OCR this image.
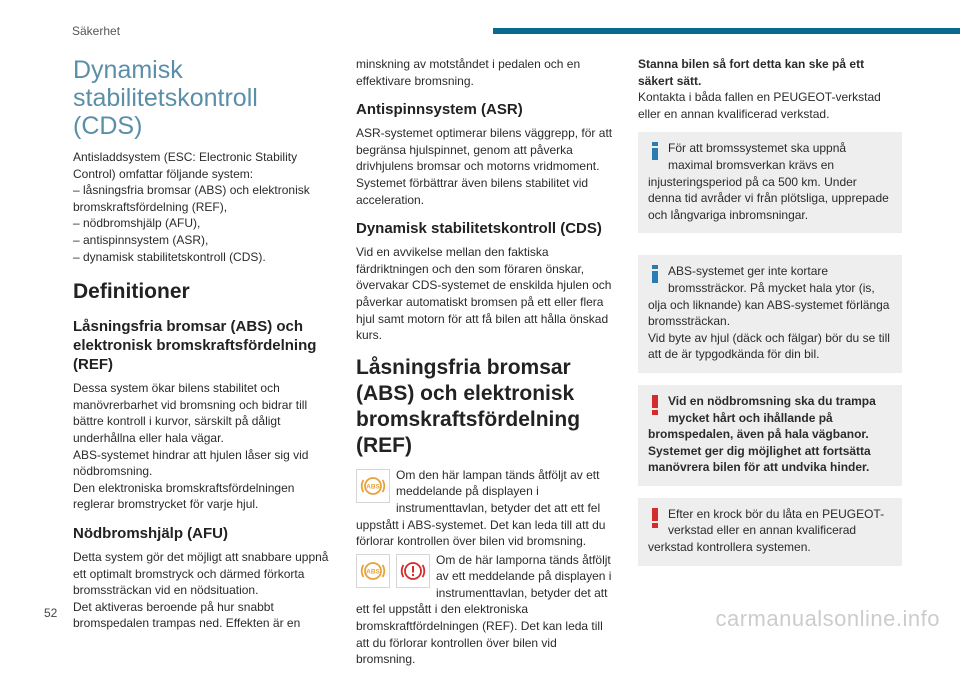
Säkerhet
Dynamisk stabilitetskontroll (CDS)

Antisladdsystem (ESC: Electronic Stability Control) omfattar följande system:
– låsningsfria bromsar (ABS) och elektronisk bromskraftsfördelning (REF),
– nödbromshjälp (AFU),
– antispinnsystem (ASR),
– dynamisk stabilitetskontroll (CDS).

Definitioner
Låsningsfria bromsar (ABS) och elektronisk bromskraftsfördelning (REF)

Dessa system ökar bilens stabilitet och manövrerbarhet vid bromsning och bidrar till bättre kontroll i kurvor, särskilt på dåligt underhållna eller hala vägar.
ABS-systemet hindrar att hjulen låser sig vid nödbromsning.
Den elektroniska bromskraftsfördelningen reglerar bromstrycket för varje hjul.

Nödbromshjälp (AFU)

Detta system gör det möjligt att snabbare uppnå ett optimalt bromstryck och därmed förkorta bromssträckan vid en nödsituation.
Det aktiveras beroende på hur snabbt bromspedalen trampas ned. Effekten är en

minskning av motståndet i pedalen och en effektivare bromsning.

Antispinnsystem (ASR)

ASR-systemet optimerar bilens väggrepp, för att begränsa hjulspinnet, genom att påverka drivhjulens bromsar och motorns vridmoment. Systemet förbättrar även bilens stabilitet vid acceleration.

Dynamisk stabilitetskontroll (CDS)

Vid en avvikelse mellan den faktiska färdriktningen och den som föraren önskar, övervakar CDS-systemet de enskilda hjulen och påverkar automatiskt bromsen på ett eller flera hjul samt motorn för att få bilen att hålla önskad kurs.

Låsningsfria bromsar (ABS) och elektronisk bromskraftsfördelning (REF)
ABS

Om den här lampan tänds åtföljt av ett meddelande på displayen i instrumenttavlan, betyder det att ett fel uppstått i ABS-systemet. Det kan leda till att du förlorar kontrollen över bilen vid bromsning.

ABS

Om de här lamporna tänds åtföljt av ett meddelande på displayen i instrumenttavlan, betyder det att ett fel uppstått i den elektroniska bromskraftfördelningen (REF). Det kan leda till att du förlorar kontrollen över bilen vid bromsning.

Stanna bilen så fort detta kan ske på ett säkert sätt.
Kontakta i båda fallen en PEUGEOT-verkstad eller en annan kvalificerad verkstad.

För att bromssystemet ska uppnå maximal bromsverkan krävs en injusteringsperiod på ca 500 km. Under denna tid avråder vi från plötsliga, upprepade och långvariga inbromsningar.

ABS-systemet ger inte kortare bromssträckor. På mycket hala ytor (is, olja och liknande) kan ABS-systemet förlänga bromssträckan.

Vid byte av hjul (däck och fälgar) bör du se till att de är typgodkända för din bil.

Vid en nödbromsning ska du trampa mycket hårt och ihållande på bromspedalen, även på hala vägbanor. Systemet ger dig möjlighet att fortsätta manövrera bilen för att undvika hinder.

Efter en krock bör du låta en PEUGEOT-verkstad eller en annan kvalificerad verkstad kontrollera systemen.

52	carmanualsonline.info
